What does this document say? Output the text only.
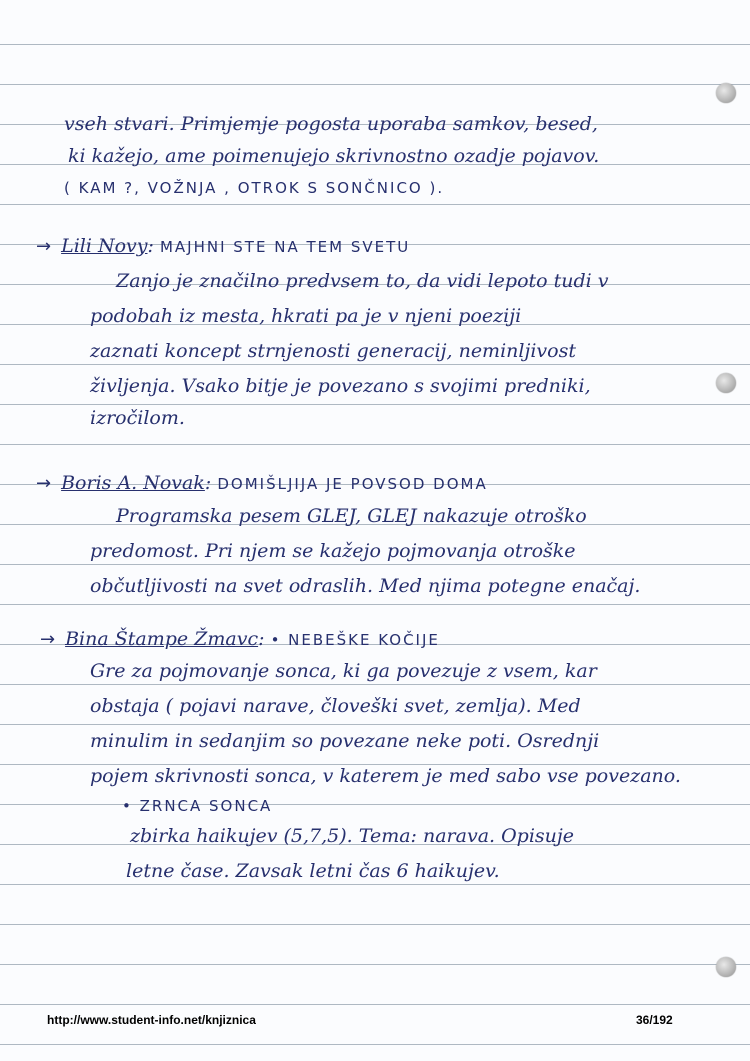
vseh stvari. Primjemje pogosta uporaba samkov, besed,

ki kažejo, ame poimenujejo skrivnostno ozadje pojavov.

( KAM ?, VOŽNJA , OTROK S SONČNICO ).

→ Lili Novy: MAJHNI STE NA TEM SVETU

Zanjo je značilno predvsem to, da vidi lepoto tudi v

podobah iz mesta, hkrati pa je v njeni poeziji

zaznati koncept strnjenosti generacij, neminljivost

življenja. Vsako bitje je povezano s svojimi predniki,

izročilom.

→ Boris A. Novak: DOMIŠLJIJA JE POVSOD DOMA

Programska pesem GLEJ, GLEJ nakazuje otroško

predomost. Pri njem se kažejo pojmovanja otroške

občutljivosti na svet odraslih. Med njima potegne enačaj.

→ Bina Štampe Žmavc: • NEBEŠKE KOČIJE

Gre za pojmovanje sonca, ki ga povezuje z vsem, kar

obstaja ( pojavi narave, človeški svet, zemlja). Med

minulim in sedanjim so povezane neke poti. Osrednji

pojem skrivnosti sonca, v katerem je med sabo vse povezano.

• ZRNCA SONCA

zbirka haikujev (5,7,5). Tema: narava. Opisuje

letne čase. Zavsak letni čas 6 haikujev.

http://www.student-info.net/knjiznica	36/192
